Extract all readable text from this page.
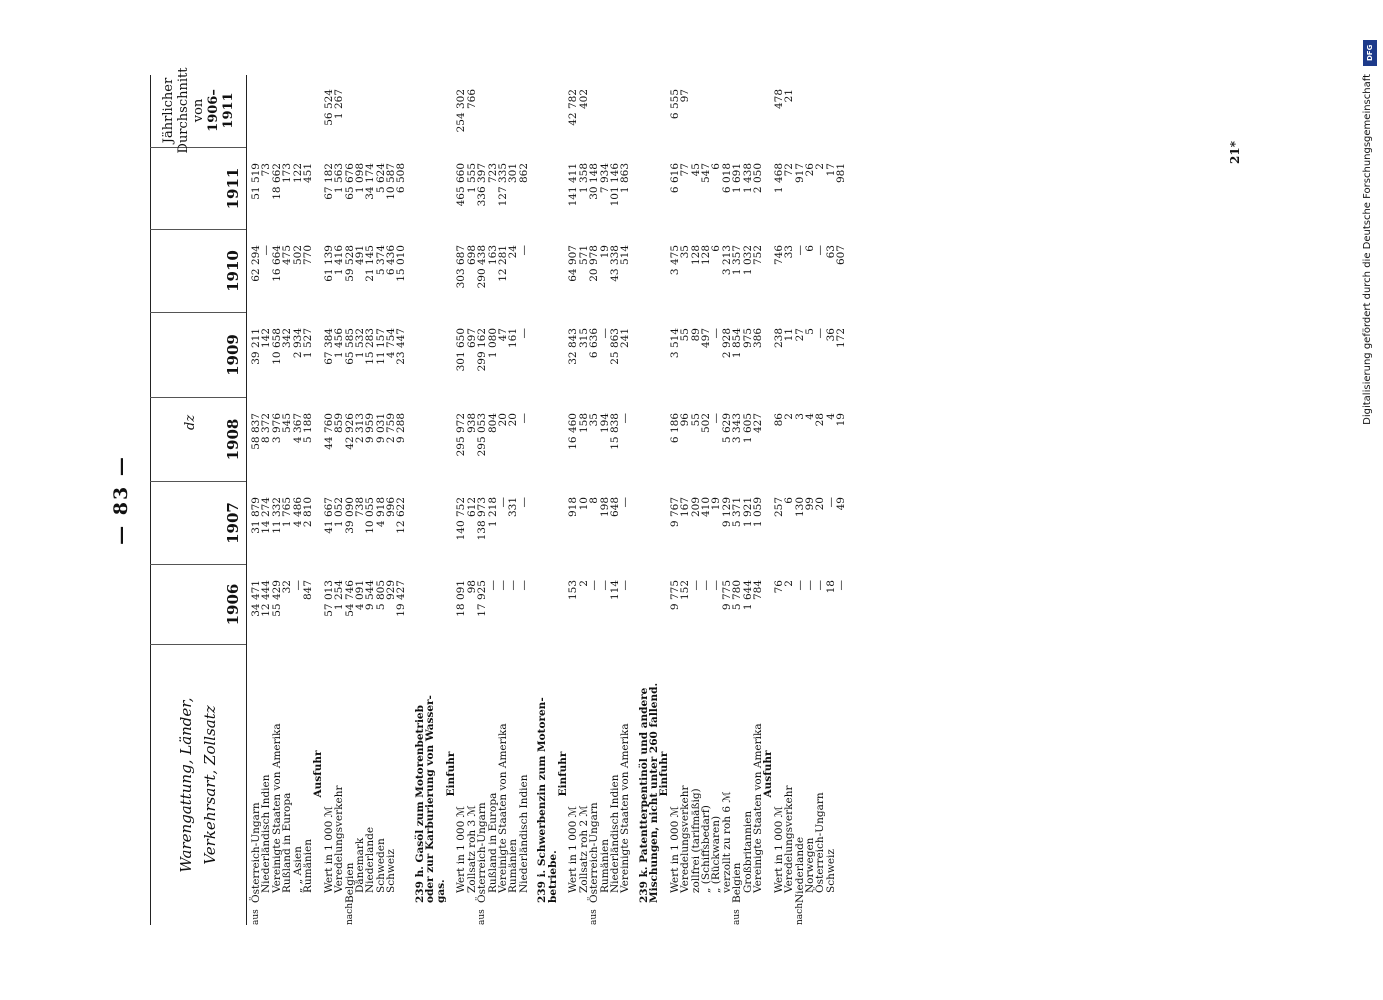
— 83 —
dz
Warengattung, Länder, Verkehrsart, Zollsatz
1906
1907
1908
1909
1910
1911
Jährlicher Durchschnitt von 1906–1911
aus
Österreich-Ungarn
34 471
31 879
58 837
39 211
62 294
51 519
Niederländisch Indien
12 444
14 274
8 372
142
—
73
Vereinigte Staaten von Amerika
55 429
11 332
3 976
10 658
16 664
18 662
Rußland in Europa
32
1 765
545
342
475
173
„ „ Asien
—
4 486
4 367
2 934
502
122
Rumänien
847
2 810
5 188
1 527
770
451
Ausfuhr
Wert in 1 000 ℳ
57 013
41 667
44 760
67 384
61 139
67 182
56 524
Veredelungsverkehr
1 254
1 052
859
1 456
1 416
1 563
1 267
nach
Belgien
54 746
39 090
42 926
65 585
59 528
65 676
Dänemark
4 091
738
2 313
1 532
491
1 098
Niederlande
9 544
10 055
9 959
15 283
21 145
34 174
Schweden
5 805
4 918
9 031
11 157
5 374
5 624
Schweiz
929
996
2 759
4 754
6 436
10 587
19 427
12 622
9 288
23 447
15 010
6 508
239 h. Gasöl zum Motorenbetrieb
oder zur Karburierung von Wasser-
gas.
Einfuhr
Wert in 1 000 ℳ
18 091
140 752
295 972
301 650
303 687
465 660
254 302
Zollsatz roh 3 ℳ
98
612
938
697
698
1 555
766
aus
Österreich-Ungarn
17 925
138 973
295 053
299 162
290 438
336 397
Rußland in Europa
—
1 218
804
1 080
163
723
Vereinigte Staaten von Amerika
—
—
20
47
12 281
127 335
Rumänien
—
331
20
161
24
301
Niederländisch Indien
—
—
—
—
—
862
239 i. Schwerbenzin zum Motoren-
betriebe.
Einfuhr
Wert in 1 000 ℳ
153
918
16 460
32 843
64 907
141 411
42 782
Zollsatz roh 2 ℳ
2
10
158
315
571
1 358
402
aus
Österreich-Ungarn
—
8
35
6 636
20 978
30 148
Rumänien
—
198
194
—
19
7 934
Niederländisch Indien
114
648
15 838
25 863
43 338
101 146
Vereinigte Staaten von Amerika
—
—
—
241
514
1 863
239 k. Patentterpentinöl und andere
Mischungen, nicht unter 260 fallend.
Einfuhr
Wert in 1 000 ℳ
9 775
9 767
6 186
3 514
3 475
6 616
6 555
Veredelungsverkehr
152
167
96
55
35
77
97
zollfrei (tarifmäßig)
—
209
55
89
128
45
„ (Schiffsbedarf)
—
410
502
497
128
547
„ (Rückwaren)
—
19
—
—
6
6
verzollt zu roh 6 ℳ
9 775
9 129
5 629
2 928
3 213
6 018
aus
Belgien
5 780
5 371
3 343
1 854
1 357
1 691
Großbritannien
1 644
1 921
1 605
975
1 032
1 438
Vereinigte Staaten von Amerika
784
1 059
427
386
752
2 050
Ausfuhr
Wert in 1 000 ℳ
76
257
86
238
746
1 468
478
Veredelungsverkehr
2
6
2
11
33
72
21
nach
Niederlande
—
130
3
27
—
917
Norwegen
—
99
4
5
6
26
Österreich-Ungarn
—
20
28
—
—
2
Schweiz
18
—
4
36
63
17
—
49
19
172
607
981
21*
DFG
Digitalisierung gefördert durch die Deutsche Forschungsgemeinschaft
